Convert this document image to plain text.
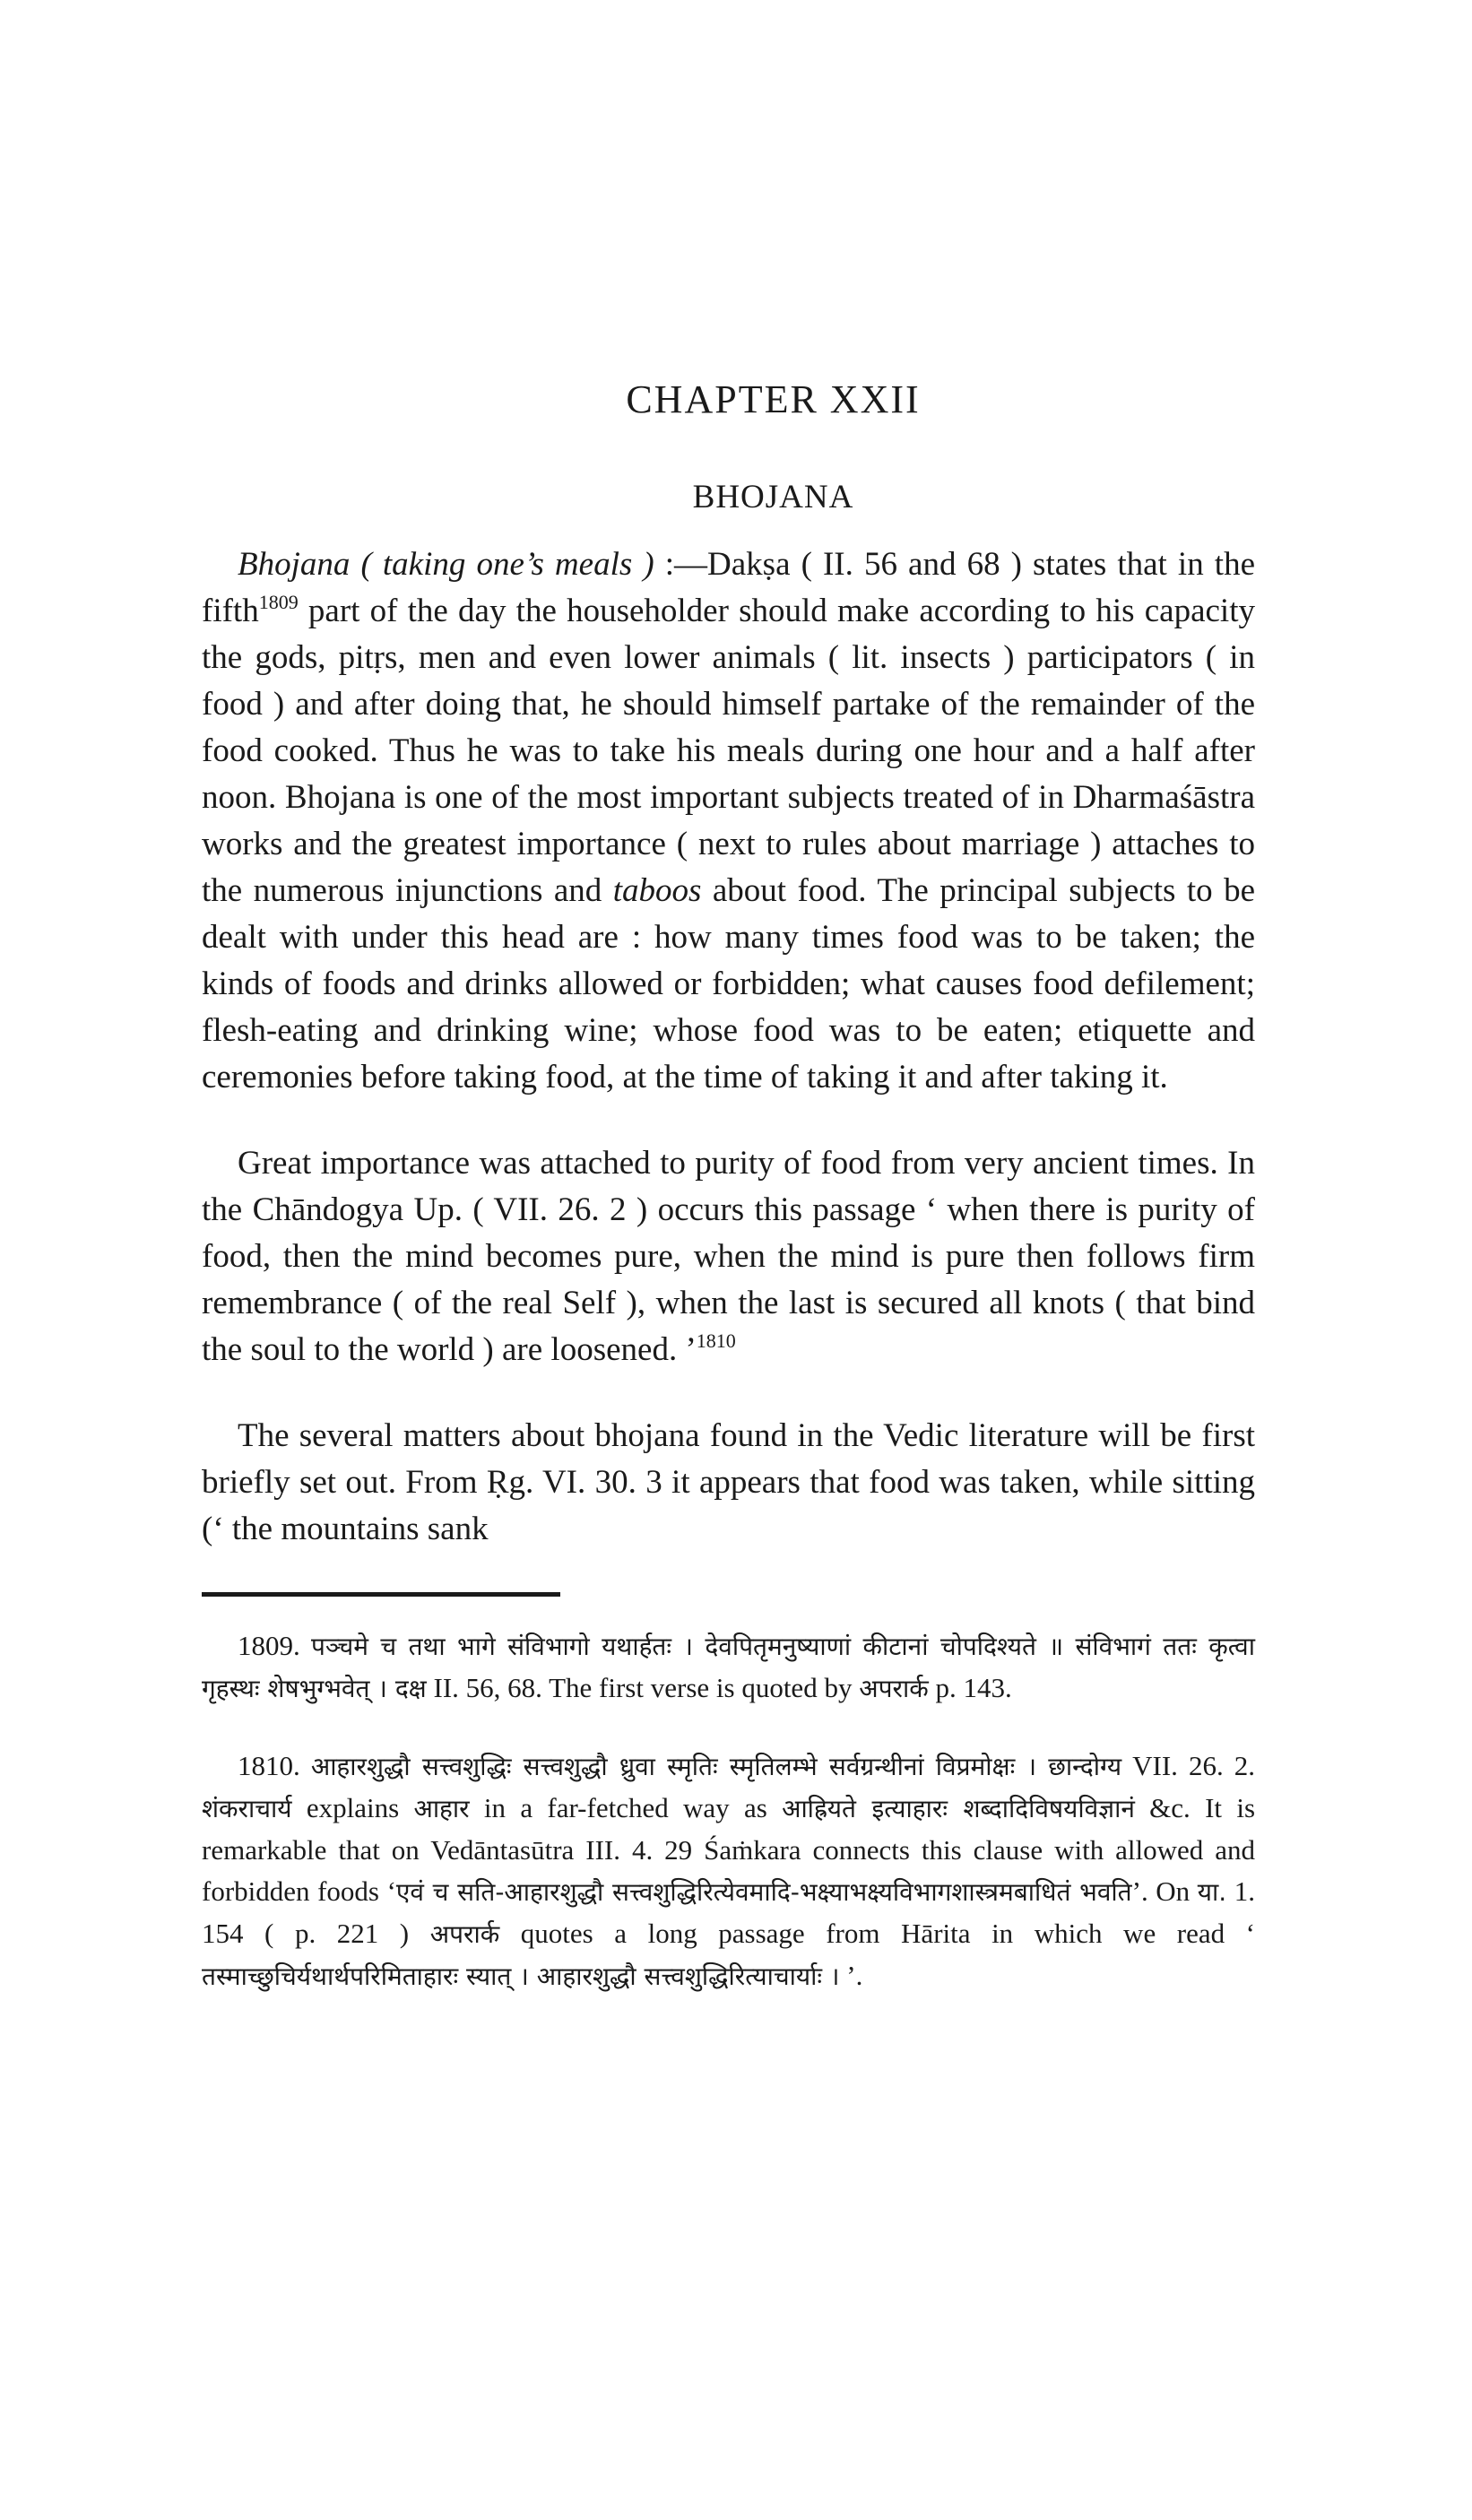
CHAPTER XXII
BHOJANA

Bhojana ( taking one’s meals ) :—Dakṣa ( II. 56 and 68 ) states that in the fifth$^{1809}$ part of the day the householder should make according to his capacity the gods, pitṛs, men and even lower animals ( lit. insects ) participators ( in food ) and after doing that, he should himself partake of the remainder of the food cooked. Thus he was to take his meals during one hour and a half after noon. Bhojana is one of the most important subjects treated of in Dharmaśāstra works and the greatest importance ( next to rules about marriage ) attaches to the numerous injunctions and taboos about food. The principal subjects to be dealt with under this head are : how many times food was to be taken; the kinds of foods and drinks allowed or forbidden; what causes food defilement; flesh-eating and drinking wine; whose food was to be eaten; etiquette and ceremonies before taking food, at the time of taking it and after taking it.

Great importance was attached to purity of food from very ancient times. In the Chāndogya Up. ( VII. 26. 2 ) occurs this passage ‘ when there is purity of food, then the mind becomes pure, when the mind is pure then follows firm remembrance ( of the real Self ), when the last is secured all knots ( that bind the soul to the world ) are loosened. ’$^{1810}$

The several matters about bhojana found in the Vedic literature will be first briefly set out. From Ṛg. VI. 30. 3 it appears that food was taken, while sitting (‘ the mountains sank

1809. पञ्चमे च तथा भागे संविभागो यथार्हतः । देवपितृमनुष्याणां कीटानां चोपदिश्यते ॥ संविभागं ततः कृत्वा गृहस्थः शेषभुग्भवेत् । दक्ष II. 56, 68. The first verse is quoted by अपरार्क p. 143.

1810. आहारशुद्धौ सत्त्वशुद्धिः सत्त्वशुद्धौ ध्रुवा स्मृतिः स्मृतिलम्भे सर्वग्रन्थीनां विप्रमोक्षः । छान्दोग्य VII. 26. 2. शंकराचार्य explains आहार in a far-fetched way as आह्रियते इत्याहारः शब्दादिविषयविज्ञानं &c. It is remarkable that on Vedāntasūtra III. 4. 29 Śaṁkara connects this clause with allowed and forbidden foods ‘एवं च सति-आहारशुद्धौ सत्त्वशुद्धिरित्येवमादि-भक्ष्याभक्ष्यविभागशास्त्रमबाधितं भवति’. On या. 1. 154 ( p. 221 ) अपरार्क quotes a long passage from Hārita in which we read ‘ तस्माच्छुचिर्यथार्थपरिमिताहारः स्यात् । आहारशुद्धौ सत्त्वशुद्धिरित्याचार्याः । ’.
